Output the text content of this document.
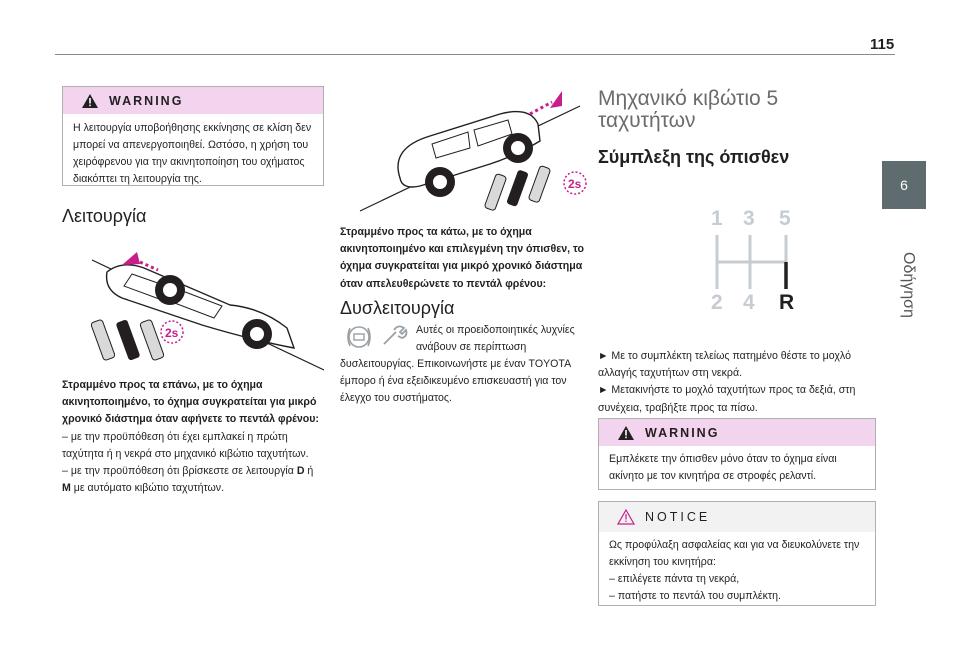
115
6
Οδήγηση
WARNING
Η λειτουργία υποβοήθησης εκκίνησης σε κλίση δεν μπορεί να απενεργοποιηθεί. Ωστόσο, η χρήση του χειρόφρενου για την ακινητοποίηση του οχήματος διακόπτει τη λειτουργία της.
Λειτουργία
2s
Στραμμένο προς τα επάνω, με το όχημα ακινητοποιημένο, το όχημα συγκρατείται για μικρό χρονικό διάστημα όταν αφήνετε το πεντάλ φρένου:
– με την προϋπόθεση ότι έχει εμπλακεί η πρώτη ταχύτητα ή η νεκρά στο μηχανικό κιβώτιο ταχυτήτων.
– με την προϋπόθεση ότι βρίσκεστε σε λειτουργία D ή
M με αυτόματο κιβώτιο ταχυτήτων.
2s
Στραμμένο προς τα κάτω, με το όχημα ακινητοποιημένο και επιλεγμένη την όπισθεν, το όχημα συγκρατείται για μικρό χρονικό διάστημα όταν απελευθερώνετε το πεντάλ φρένου:
Δυσλειτουργία
Αυτές οι προειδοποιητικές λυχνίες ανάβουν σε περίπτωση
δυσλειτουργίας. Επικοινωνήστε με έναν TOYOTA έμπορο ή ένα εξειδικευμένο επισκευαστή για τον έλεγχο του συστήματος.
Μηχανικό κιβώτιο 5 ταχυτήτων
Σύμπλεξη της όπισθεν
1 3 5
2 4 R
► Με το συμπλέκτη τελείως πατημένο θέστε το μοχλό αλλαγής ταχυτήτων στη νεκρά.
► Μετακινήστε το μοχλό ταχυτήτων προς τα δεξιά, στη συνέχεια, τραβήξτε προς τα πίσω.
WARNING
Εμπλέκετε την όπισθεν μόνο όταν το όχημα είναι ακίνητο με τον κινητήρα σε στροφές ρελαντί.
NOTICE
Ως προφύλαξη ασφαλείας και για να διευκολύνετε την εκκίνηση του κινητήρα:
– επιλέγετε πάντα τη νεκρά,
– πατήστε το πεντάλ του συμπλέκτη.
